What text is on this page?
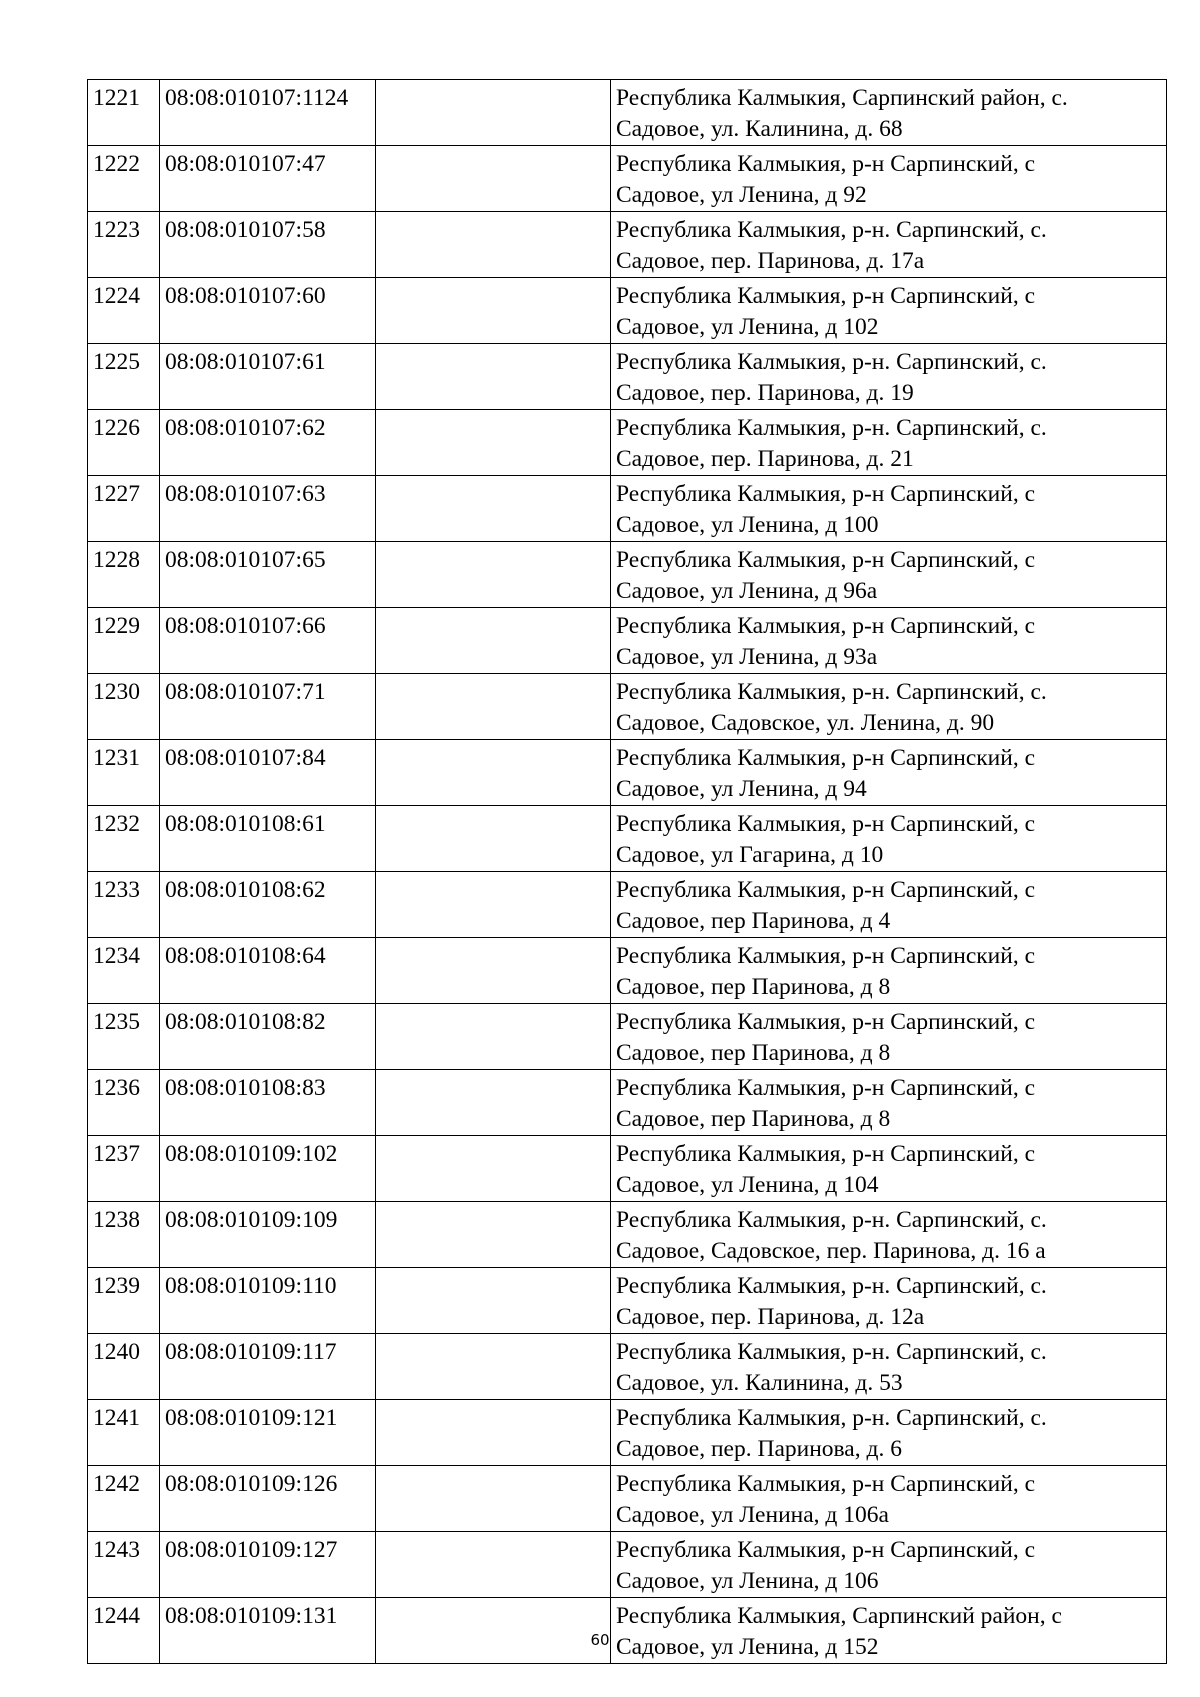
1221	08:08:010107:1124		Республика Калмыкия, Сарпинский район, с.
Садовое, ул. Калинина, д. 68
1222	08:08:010107:47		Республика Калмыкия, р-н Сарпинский, с
Садовое, ул Ленина, д 92
1223	08:08:010107:58		Республика Калмыкия, р-н. Сарпинский, с.
Садовое, пер. Паринова, д. 17а
1224	08:08:010107:60		Республика Калмыкия, р-н Сарпинский, с
Садовое, ул Ленина, д 102
1225	08:08:010107:61		Республика Калмыкия, р-н. Сарпинский, с.
Садовое, пер. Паринова, д. 19
1226	08:08:010107:62		Республика Калмыкия, р-н. Сарпинский, с.
Садовое, пер. Паринова, д. 21
1227	08:08:010107:63		Республика Калмыкия, р-н Сарпинский, с
Садовое, ул Ленина, д 100
1228	08:08:010107:65		Республика Калмыкия, р-н Сарпинский, с
Садовое, ул Ленина, д 96а
1229	08:08:010107:66		Республика Калмыкия, р-н Сарпинский, с
Садовое, ул Ленина, д 93а
1230	08:08:010107:71		Республика Калмыкия, р-н. Сарпинский, с.
Садовое, Садовское, ул. Ленина, д. 90
1231	08:08:010107:84		Республика Калмыкия, р-н Сарпинский, с
Садовое, ул Ленина, д 94
1232	08:08:010108:61		Республика Калмыкия, р-н Сарпинский, с
Садовое, ул Гагарина, д 10
1233	08:08:010108:62		Республика Калмыкия, р-н Сарпинский, с
Садовое, пер Паринова, д 4
1234	08:08:010108:64		Республика Калмыкия, р-н Сарпинский, с
Садовое, пер Паринова, д 8
1235	08:08:010108:82		Республика Калмыкия, р-н Сарпинский, с
Садовое, пер Паринова, д 8
1236	08:08:010108:83		Республика Калмыкия, р-н Сарпинский, с
Садовое, пер Паринова, д 8
1237	08:08:010109:102		Республика Калмыкия, р-н Сарпинский, с
Садовое, ул Ленина, д 104
1238	08:08:010109:109		Республика Калмыкия, р-н. Сарпинский, с.
Садовое, Садовское, пер. Паринова, д. 16 а
1239	08:08:010109:110		Республика Калмыкия, р-н. Сарпинский, с.
Садовое, пер. Паринова, д. 12а
1240	08:08:010109:117		Республика Калмыкия, р-н. Сарпинский, с.
Садовое, ул. Калинина, д. 53
1241	08:08:010109:121		Республика Калмыкия, р-н. Сарпинский, с.
Садовое, пер. Паринова, д. 6
1242	08:08:010109:126		Республика Калмыкия, р-н Сарпинский, с
Садовое, ул Ленина, д 106а
1243	08:08:010109:127		Республика Калмыкия, р-н Сарпинский, с
Садовое, ул Ленина, д 106
1244	08:08:010109:131		Республика Калмыкия, Сарпинский район, с
Садовое, ул Ленина, д 152
60
